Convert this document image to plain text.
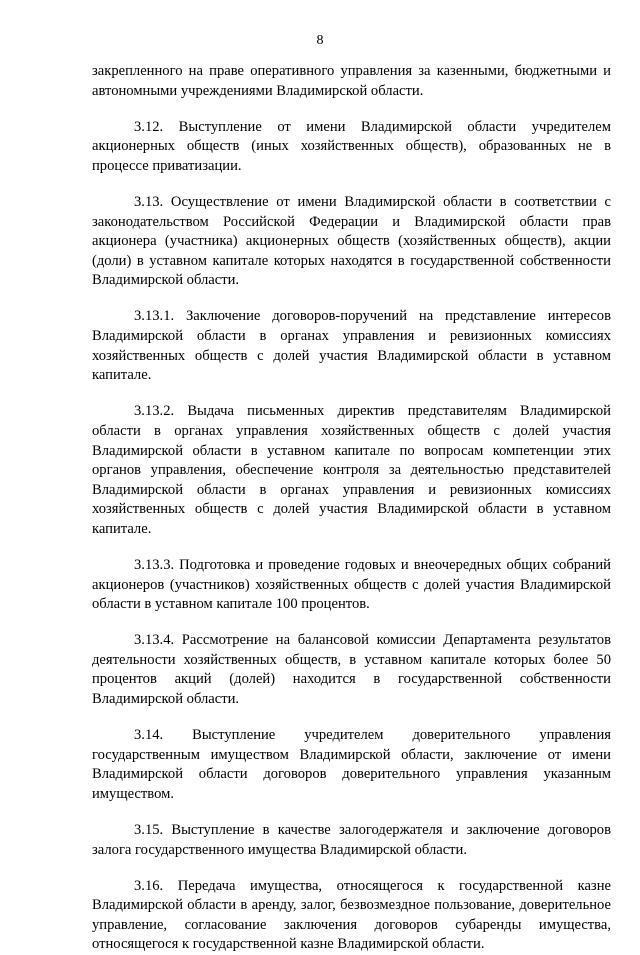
8

закрепленного на праве оперативного управления за казенными, бюджетными и автономными учреждениями Владимирской области.

3.12. Выступление от имени Владимирской области учредителем акционерных обществ (иных хозяйственных обществ), образованных не в процессе приватизации.

3.13. Осуществление от имени Владимирской области в соответствии с законодательством Российской Федерации и Владимирской области прав акционера (участника) акционерных обществ (хозяйственных обществ), акции (доли) в уставном капитале которых находятся в государственной собственности Владимирской области.

3.13.1. Заключение договоров-поручений на представление интересов Владимирской области в органах управления и ревизионных комиссиях хозяйственных обществ с долей участия Владимирской области в уставном капитале.

3.13.2. Выдача письменных директив представителям Владимирской области в органах управления хозяйственных обществ с долей участия Владимирской области в уставном капитале по вопросам компетенции этих органов управления, обеспечение контроля за деятельностью представителей Владимирской области в органах управления и ревизионных комиссиях хозяйственных обществ с долей участия Владимирской области в уставном капитале.

3.13.3. Подготовка и проведение годовых и внеочередных общих собраний акционеров (участников) хозяйственных обществ с долей участия Владимирской области в уставном капитале 100 процентов.

3.13.4. Рассмотрение на балансовой комиссии Департамента результатов деятельности хозяйственных обществ, в уставном капитале которых более 50 процентов акций (долей) находится в государственной собственности Владимирской области.

3.14. Выступление учредителем доверительного управления государственным имуществом Владимирской области, заключение от имени Владимирской области договоров доверительного управления указанным имуществом.

3.15. Выступление в качестве залогодержателя и заключение договоров залога государственного имущества Владимирской области.

3.16. Передача имущества, относящегося к государственной казне Владимирской области в аренду, залог, безвозмездное пользование, доверительное управление, согласование заключения договоров субаренды имущества, относящегося к государственной казне Владимирской области.
